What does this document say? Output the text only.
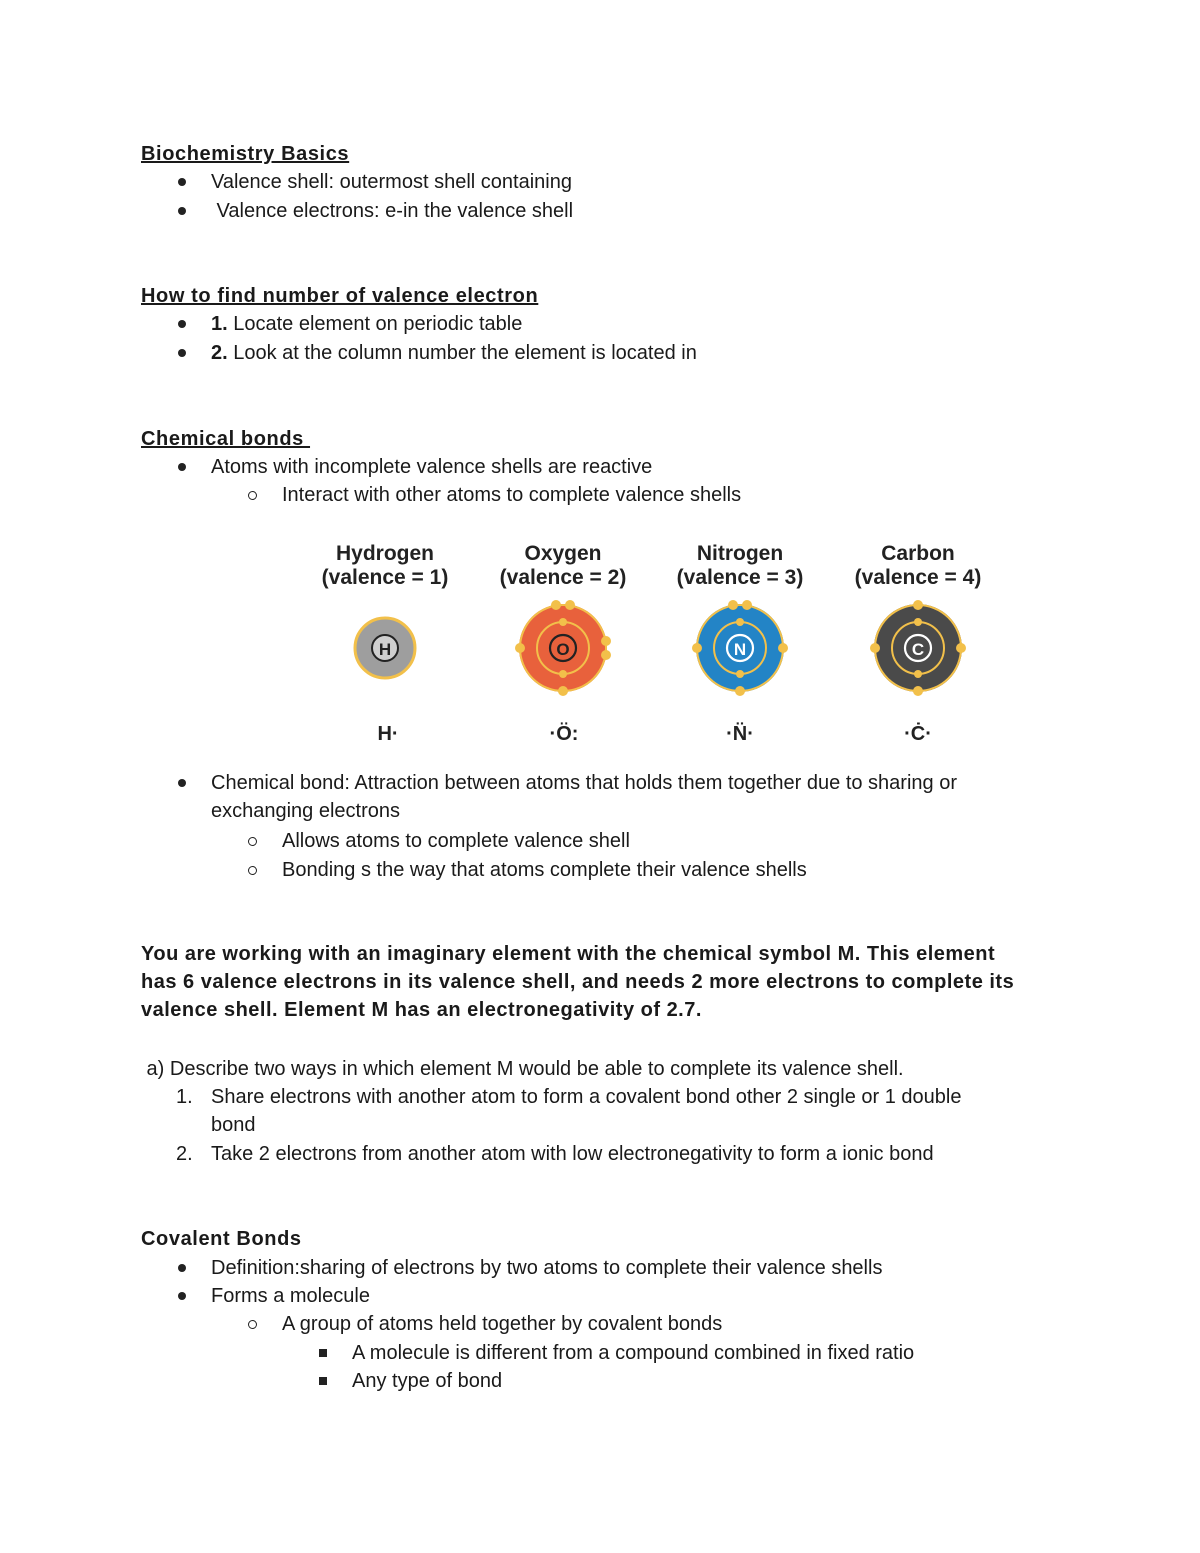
Biochemistry Basics
Valence shell: outermost shell containing
Valence electrons: e-in the valence shell
How to find number of valence electron
1. Locate element on periodic table
2. Look at the column number the element is located in
Chemical bonds
Atoms with incomplete valence shells are reactive
Interact with other atoms to complete valence shells
Hydrogen
(valence = 1)
H
H·
Oxygen
(valence = 2)
O
·Ö:
Nitrogen
(valence = 3)
N
·N̈·
Carbon
(valence = 4)
C
·Ċ·
Chemical bond: Attraction between atoms that holds them together due to sharing or
exchanging electrons
Allows atoms to complete valence shell
Bonding s the way that atoms complete their valence shells
You are working with an imaginary element with the chemical symbol M. This element
has 6 valence electrons in its valence shell, and needs 2 more electrons to complete its
valence shell. Element M has an electronegativity of 2.7.
a) Describe two ways in which element M would be able to complete its valence shell.
1. Share electrons with another atom to form a covalent bond other 2 single or 1 double
bond
2. Take 2 electrons from another atom with low electronegativity to form a ionic bond
Covalent Bonds
Definition:sharing of electrons by two atoms to complete their valence shells
Forms a molecule
A group of atoms held together by covalent bonds
A molecule is different from a compound combined in fixed ratio
Any type of bond
